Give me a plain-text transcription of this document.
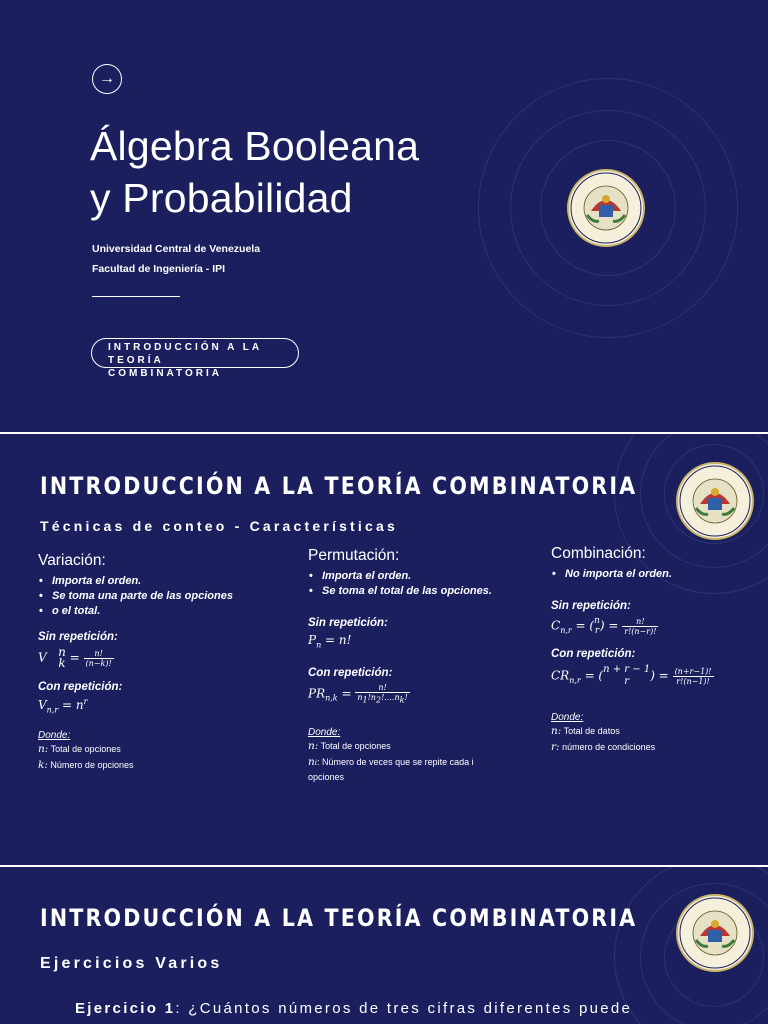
→
Álgebra Booleana
y Probabilidad
Universidad Central de Venezuela
Facultad de Ingeniería - IPI
INTRODUCCIÓN A LA
TEORÍA COMBINATORIA
INTRODUCCIÓN A LA TEORÍA COMBINATORIA
Técnicas de conteo - Características
Variación:
• Importa el orden.
• Se toma una parte de las opciones
• o el total.
Sin repetición:
V   n
$k = \frac{n!}{(n-k)!}$
Con repetición:
$V_{n,r} = n^r$
Donde:
n: Total de opciones
k: Número de opciones
Permutación:
• Importa el orden.
• Se toma el total de las opciones.
Sin repetición:
$P_n = n$!
Con repetición:
$PR_{n,k} = \frac{n!}{n_1!n_2!....n_k!}$
Donde:
n: Total de opciones
ni: Número de veces que se repite cada i
opciones
Combinación:
• No importa el orden.
Sin repetición:
$C_{n,r} = (n$
$r) = \frac{n!}{r!(n-r)!}$
Con repetición:
$CR_{n,r} = (n + r - 1$
r ) = $\frac{(n+r-1)!}{r!(n-1)!}$
Donde:
n: Total de datos
r: número de condiciones
INTRODUCCIÓN A LA TEORÍA COMBINATORIA
Ejercicios Varios
Ejercicio 1: ¿Cuántos números de tres cifras diferentes puede
